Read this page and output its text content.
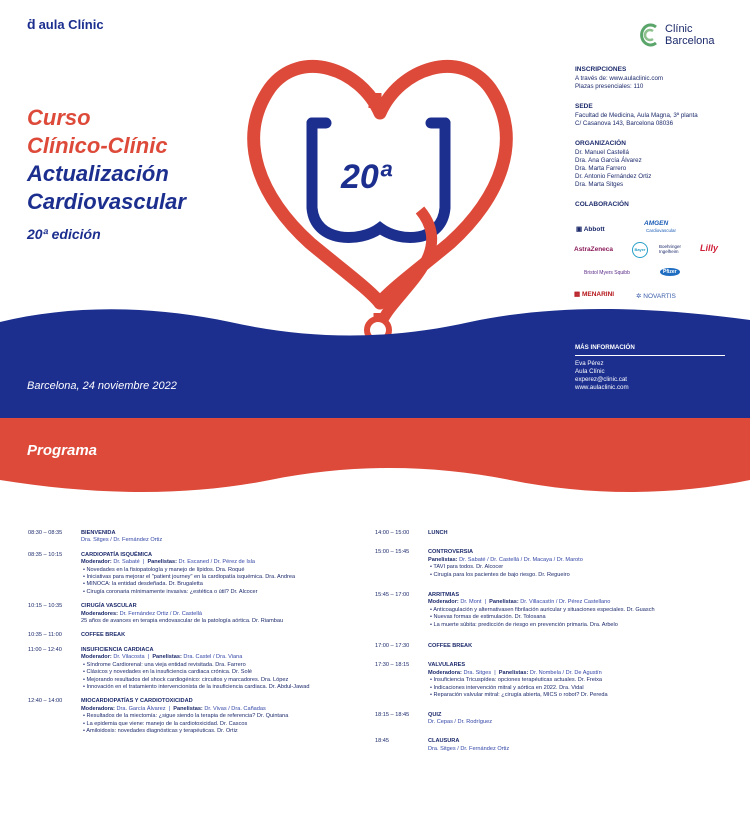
ḋ aula Clínic	Clínic
Barcelona
20ª
Curso
Clínico-Clínic
Actualización
Cardiovascular
20ª edición
INSCRIPCIONES
A través de: www.aulaclinic.com
Plazas presenciales: 110
SEDE
Facultad de Medicina, Aula Magna, 3ª planta
C/ Casanova 143, Barcelona 08036
ORGANIZACIÓN
Dr. Manuel Castellá
Dra. Ana García Álvarez
Dra. Marta Farrero
Dr. Antonio Fernández Ortiz
Dra. Marta Sitges
COLABORACIÓN
▣ Abbott
AMGEN
Cardiovascular
AstraZeneca	Bayer
Boehringer Ingelheim	Lilly
Bristol Myers Squibb	Pfizer
▦ MENARINI	✲ NOVARTIS
Barcelona, 24 noviembre 2022
MÁS INFORMACIÓN
Eva Pérez
Aula Clínic
experez@clinic.cat
www.aulaclinic.com
Programa
08:30 – 08:35	BIENVENIDA
Dra. Sitges / Dr. Fernández Ortiz
08:35 – 10:15	CARDIOPATÍA ISQUÉMICA
Moderador: Dr. Sabaté  |  Panelistas: Dr. Escaned / Dr. Pérez de Isla
• Novedades en la fisiopatología y manejo de lípidos. Dra. Roqué
• Iniciativas para mejorar el "patient journey" en la cardiopatía isquémica. Dra. Andrea
• MINOCA: la entidad desdeñada. Dr. Brugaletta
• Cirugía coronaria mínimamente invasiva: ¿estética o útil? Dr. Alcocer
10:15 – 10:35	CIRUGÍA VASCULAR
Moderadores: Dr. Fernández Ortiz / Dr. Castellá
25 años de avances en terapia endovascular de la patología aórtica. Dr. Riambau
10:35 – 11:00	COFFEE BREAK
11:00 – 12:40	INSUFICIENCIA CARDIACA
Moderador: Dr. Vilacosta  |  Panelistas: Dra. Castel / Dra. Viana
• Síndrome Cardiorenal: una vieja entidad revisitada. Dra. Farrero
• Clásicos y novedades en la insuficiencia cardiaca crónica. Dr. Solé
• Mejorando resultados del shock cardiogénico: circuitos y marcadores. Dra. López
• Innovación en el tratamiento intervencionista de la insuficiencia cardiaca. Dr. Abdul-Jawad
12:40 – 14:00	MIOCARDIOPATÍAS Y CARDIOTOXICIDAD
Moderadora: Dra. García Álvarez  |  Panelistas: Dr. Vivas / Dra. Cañadas
• Resultados de la miectomía: ¿sigue siendo la terapia de referencia? Dr. Quintana
• La epidemia que viene: manejo de la cardiotoxicidad. Dr. Cascos
• Amiloidosis: novedades diagnósticas y terapéuticas. Dr. Ortiz
14:00 – 15:00	LUNCH
15:00 – 15:45	CONTROVERSIA
Panelistas: Dr. Sabaté / Dr. Castellá / Dr. Macaya / Dr. Maroto
• TAVI para todos. Dr. Alcocer
• Cirugía para los pacientes de bajo riesgo. Dr. Regueiro
15:45 – 17:00	ARRITMIAS
Moderador: Dr. Mont  |  Panelistas: Dr. Villacastín / Dr. Pérez Castellano
• Anticoagulación y alternativasen fibrilación auricular y situaciones especiales. Dr. Guasch
• Nuevas formas de estimulación. Dr. Tolosana
• La muerte súbita: predicción de riesgo en prevención primaria. Dra. Arbelo
17:00 – 17:30	COFFEE BREAK
17:30 – 18:15	VALVULARES
Moderadora: Dra. Sitges  |  Panelistas: Dr. Nombela / Dr. De Agustín
• Insuficiencia Tricuspídea: opciones terapéuticas actuales. Dr. Freixa
• Indicaciones intervención mitral y aórtica en 2022. Dra. Vidal
• Reparación valvular mitral: ¿cirugía abierta, MICS o robot? Dr. Pereda
18:15 – 18:45	QUIZ
Dr. Cepas / Dr. Rodríguez
18:45	CLAUSURA
Dra. Sitges / Dr. Fernández Ortiz
